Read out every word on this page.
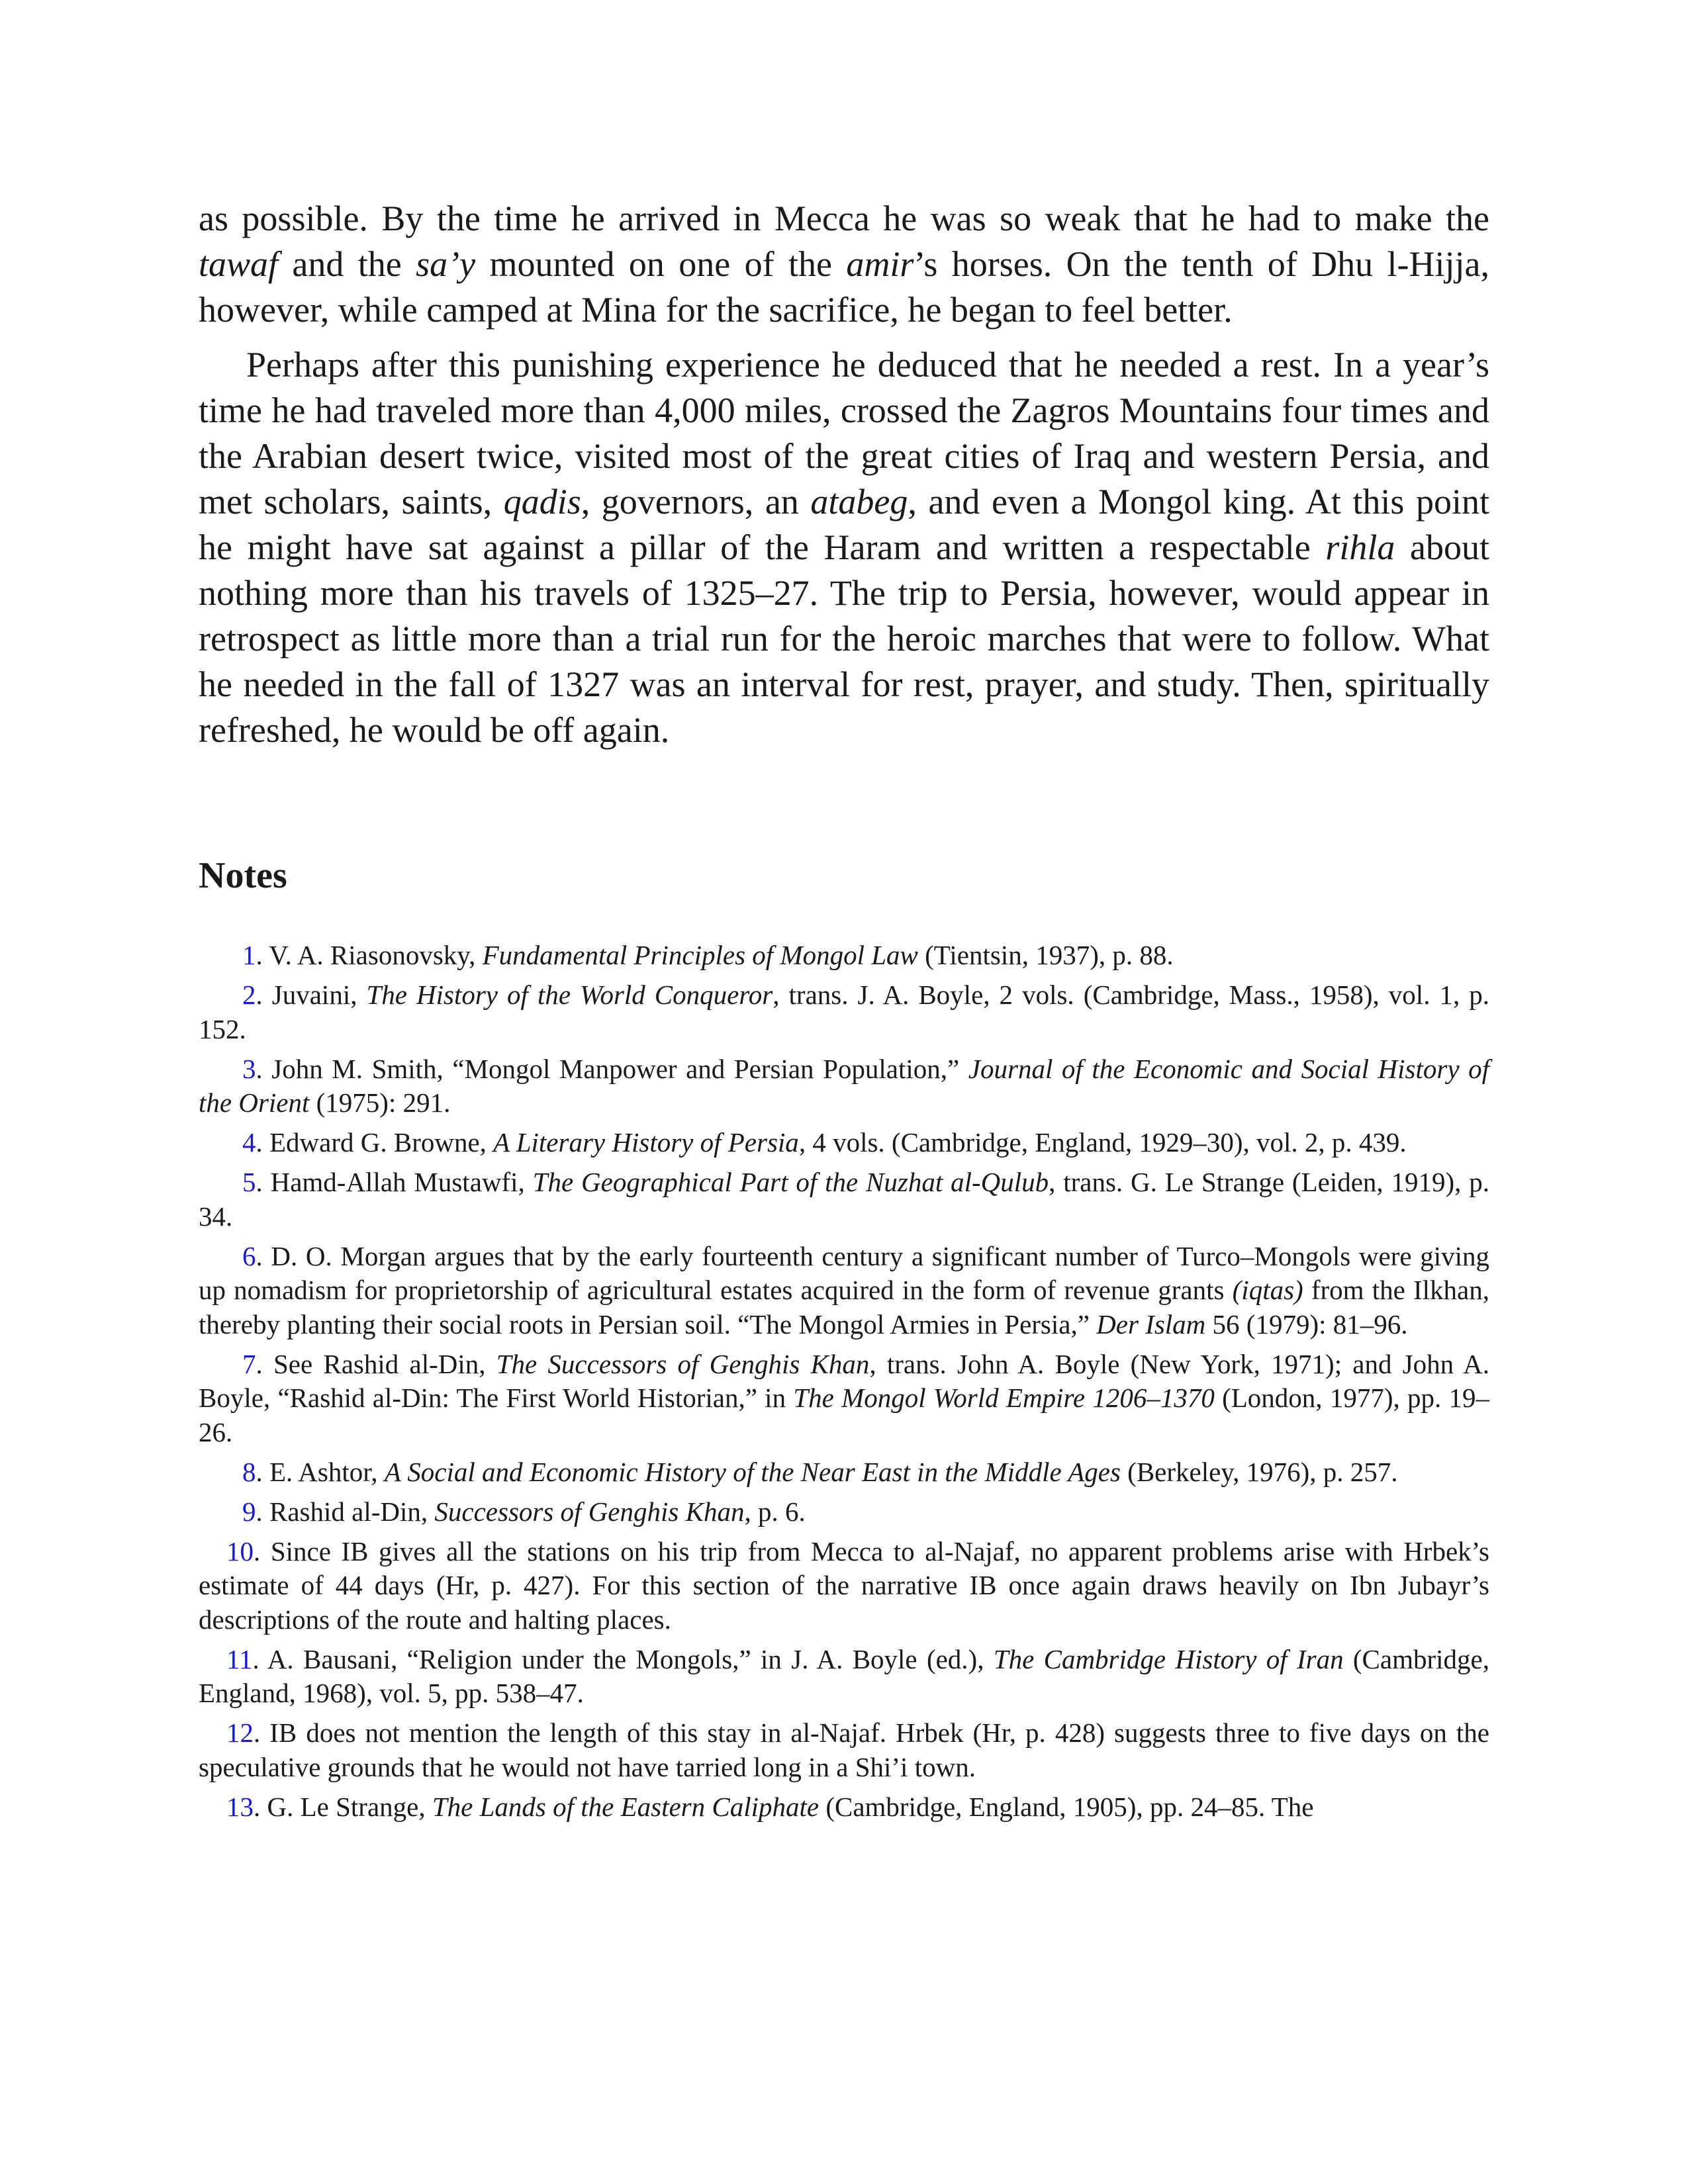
as possible. By the time he arrived in Mecca he was so weak that he had to make the tawaf and the sa’y mounted on one of the amir’s horses. On the tenth of Dhu l-Hijja, however, while camped at Mina for the sacrifice, he began to feel better.

Perhaps after this punishing experience he deduced that he needed a rest. In a year’s time he had traveled more than 4,000 miles, crossed the Zagros Mountains four times and the Arabian desert twice, visited most of the great cities of Iraq and western Persia, and met scholars, saints, qadis, governors, an atabeg, and even a Mongol king. At this point he might have sat against a pillar of the Haram and written a respectable rihla about nothing more than his travels of 1325–27. The trip to Persia, however, would appear in retrospect as little more than a trial run for the heroic marches that were to follow. What he needed in the fall of 1327 was an interval for rest, prayer, and study. Then, spiritually refreshed, he would be off again.

Notes

1. V. A. Riasonovsky, Fundamental Principles of Mongol Law (Tientsin, 1937), p. 88.

2. Juvaini, The History of the World Conqueror, trans. J. A. Boyle, 2 vols. (Cambridge, Mass., 1958), vol. 1, p. 152.

3. John M. Smith, “Mongol Manpower and Persian Population,” Journal of the Economic and Social History of the Orient (1975): 291.

4. Edward G. Browne, A Literary History of Persia, 4 vols. (Cambridge, England, 1929–30), vol. 2, p. 439.

5. Hamd-Allah Mustawfi, The Geographical Part of the Nuzhat al-Qulub, trans. G. Le Strange (Leiden, 1919), p. 34.

6. D. O. Morgan argues that by the early fourteenth century a significant number of Turco–Mongols were giving up nomadism for proprietorship of agricultural estates acquired in the form of revenue grants (iqtas) from the Ilkhan, thereby planting their social roots in Persian soil. “The Mongol Armies in Persia,” Der Islam 56 (1979): 81–96.

7. See Rashid al-Din, The Successors of Genghis Khan, trans. John A. Boyle (New York, 1971); and John A. Boyle, “Rashid al-Din: The First World Historian,” in The Mongol World Empire 1206–1370 (London, 1977), pp. 19–26.

8. E. Ashtor, A Social and Economic History of the Near East in the Middle Ages (Berkeley, 1976), p. 257.

9. Rashid al-Din, Successors of Genghis Khan, p. 6.

10. Since IB gives all the stations on his trip from Mecca to al-Najaf, no apparent problems arise with Hrbek’s estimate of 44 days (Hr, p. 427). For this section of the narrative IB once again draws heavily on Ibn Jubayr’s descriptions of the route and halting places.

11. A. Bausani, “Religion under the Mongols,” in J. A. Boyle (ed.), The Cambridge History of Iran (Cambridge, England, 1968), vol. 5, pp. 538–47.

12. IB does not mention the length of this stay in al-Najaf. Hrbek (Hr, p. 428) suggests three to five days on the speculative grounds that he would not have tarried long in a Shi’i town.

13. G. Le Strange, The Lands of the Eastern Caliphate (Cambridge, England, 1905), pp. 24–85. The
